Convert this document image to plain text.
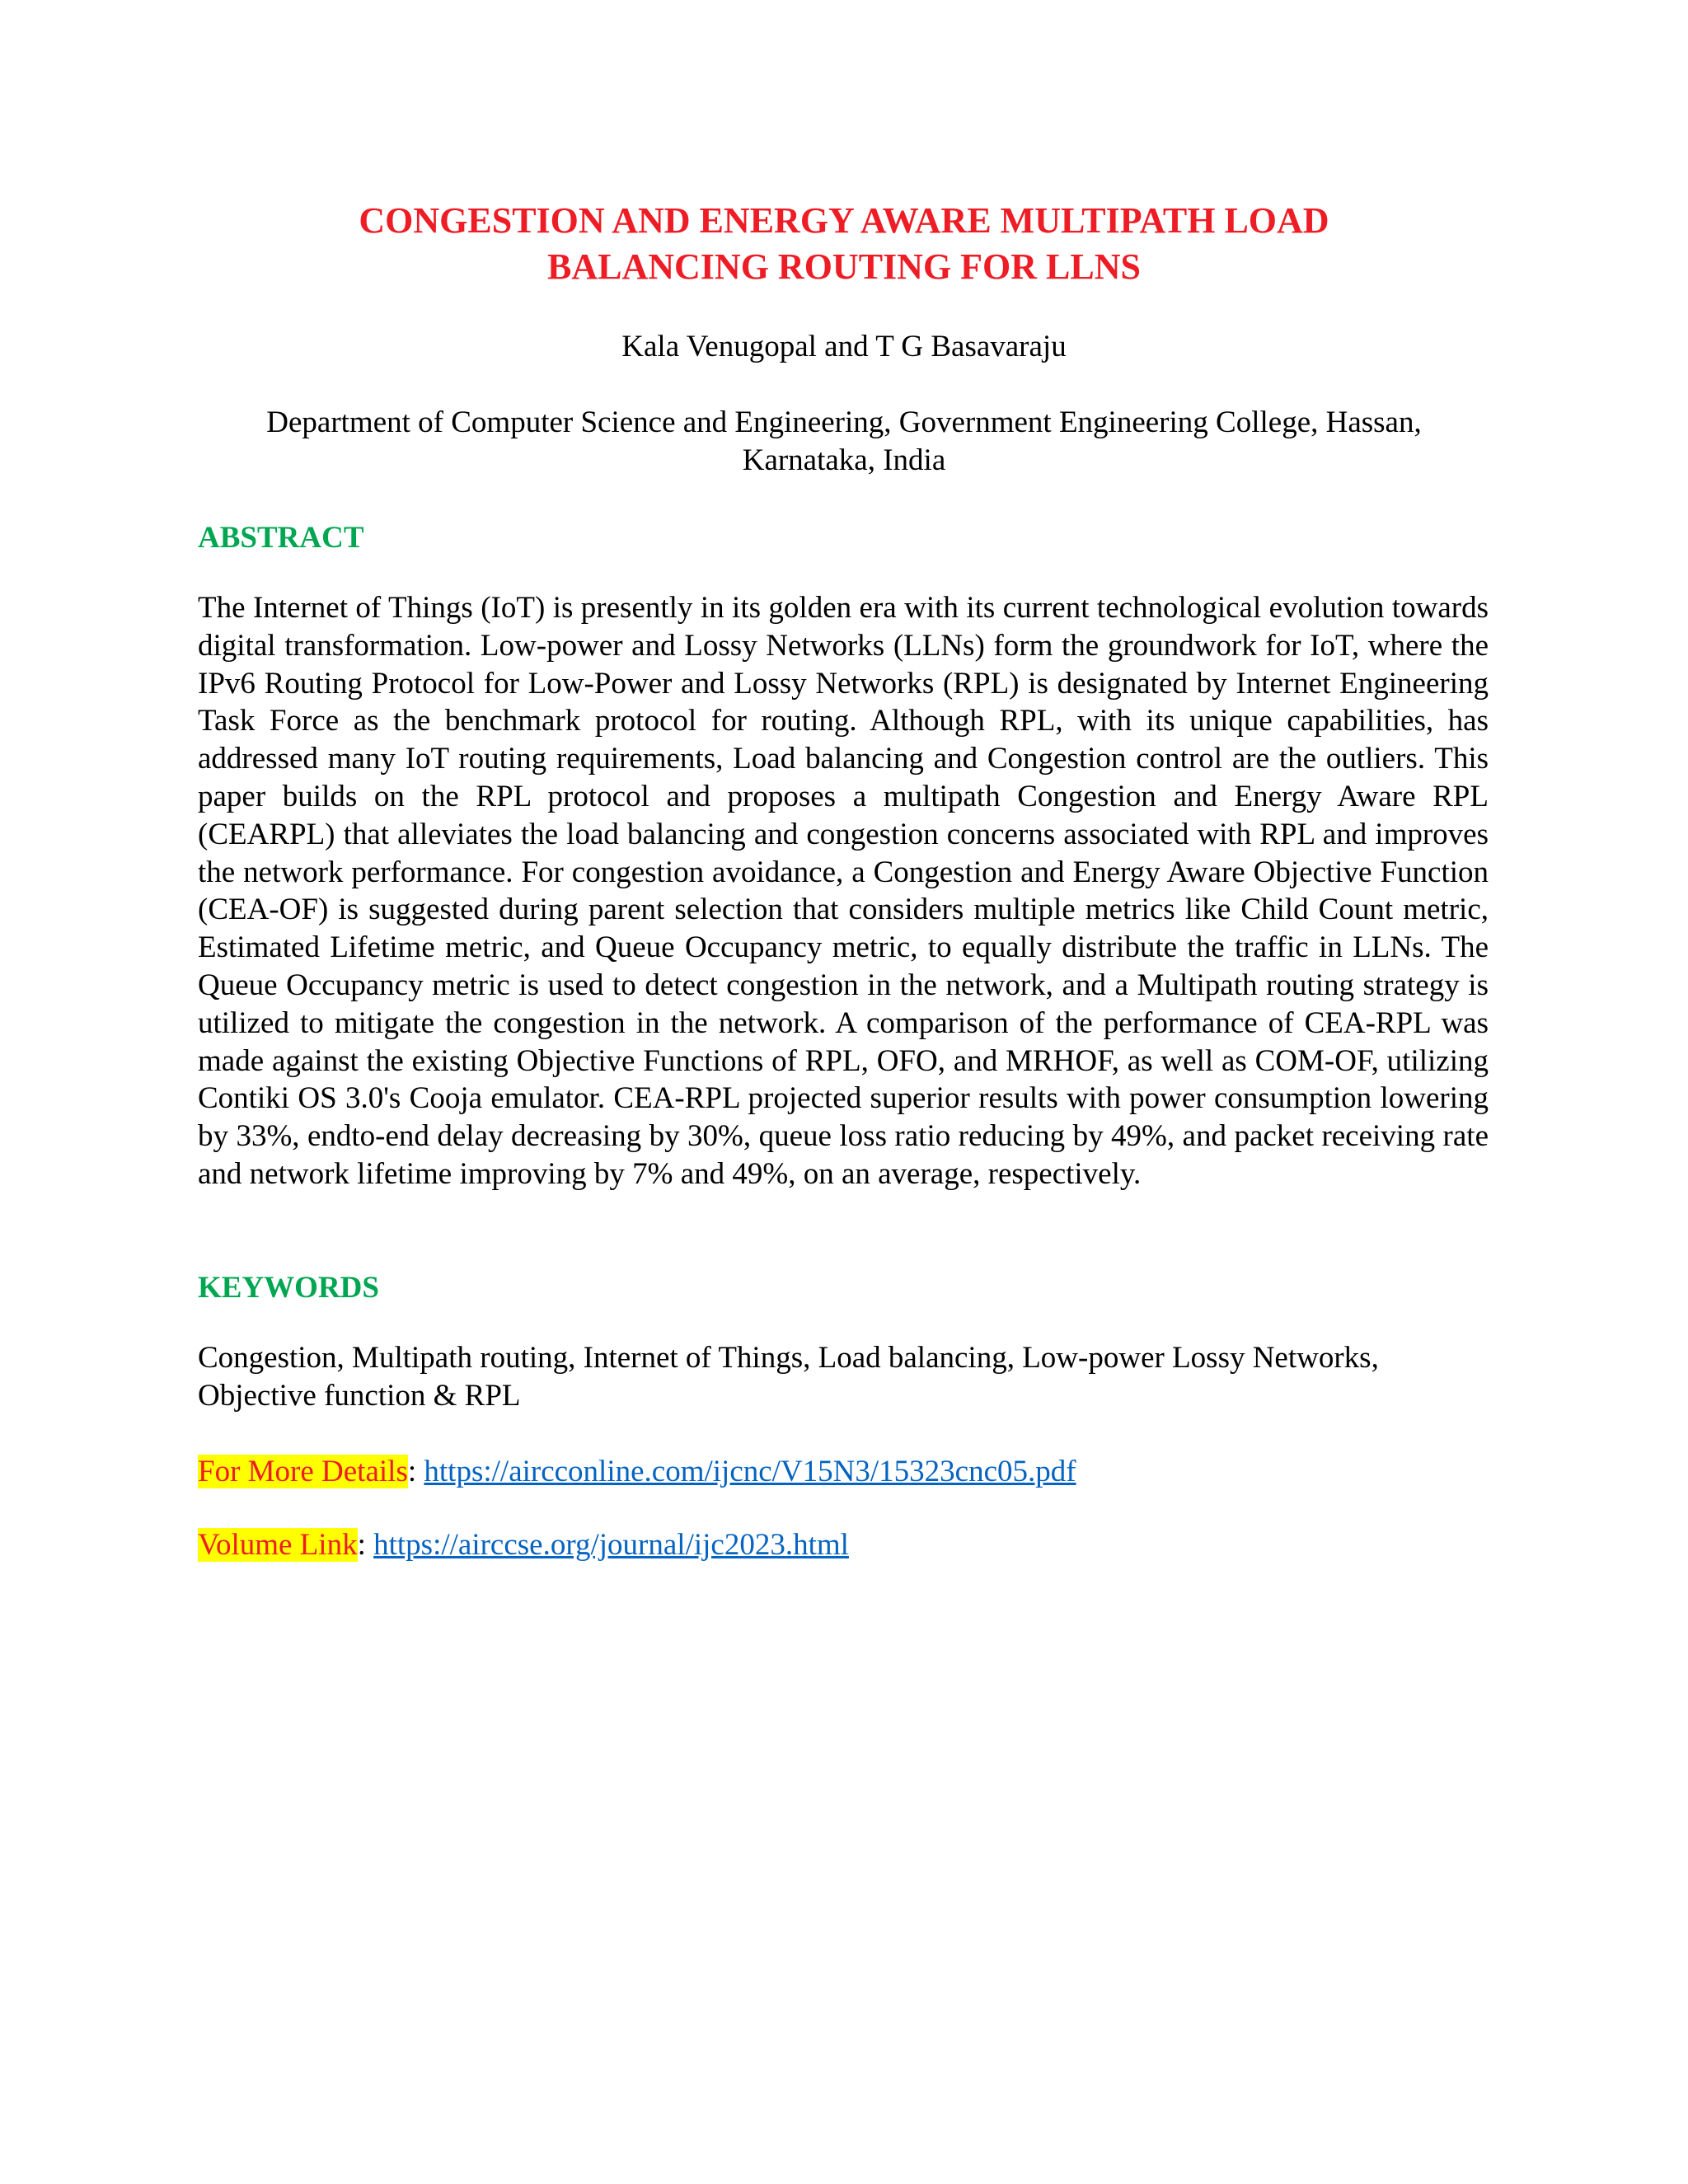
CONGESTION AND ENERGY AWARE MULTIPATH LOAD
BALANCING ROUTING FOR LLNS

Kala Venugopal and T G Basavaraju

Department of Computer Science and Engineering, Government Engineering College, Hassan,
Karnataka, India

ABSTRACT

The Internet of Things (IoT) is presently in its golden era with its current technological evolution towards digital transformation. Low-power and Lossy Networks (LLNs) form the groundwork for IoT, where the IPv6 Routing Protocol for Low-Power and Lossy Networks (RPL) is designated by Internet Engineering Task Force as the benchmark protocol for routing. Although RPL, with its unique capabilities, has addressed many IoT routing requirements, Load balancing and Congestion control are the outliers. This paper builds on the RPL protocol and proposes a multipath Congestion and Energy Aware RPL (CEARPL) that alleviates the load balancing and congestion concerns associated with RPL and improves the network performance. For congestion avoidance, a Congestion and Energy Aware Objective Function (CEA-OF) is suggested during parent selection that considers multiple metrics like Child Count metric, Estimated Lifetime metric, and Queue Occupancy metric, to equally distribute the traffic in LLNs. The Queue Occupancy metric is used to detect congestion in the network, and a Multipath routing strategy is utilized to mitigate the congestion in the network. A comparison of the performance of CEA-RPL was made against the existing Objective Functions of RPL, OFO, and MRHOF, as well as COM-OF, utilizing Contiki OS 3.0's Cooja emulator. CEA-RPL projected superior results with power consumption lowering by 33%, endto-end delay decreasing by 30%, queue loss ratio reducing by 49%, and packet receiving rate and network lifetime improving by 7% and 49%, on an average, respectively.

KEYWORDS

Congestion, Multipath routing, Internet of Things, Load balancing, Low-power Lossy Networks, Objective function & RPL

For More Details: https://aircconline.com/ijcnc/V15N3/15323cnc05.pdf

Volume Link: https://airccse.org/journal/ijc2023.html
